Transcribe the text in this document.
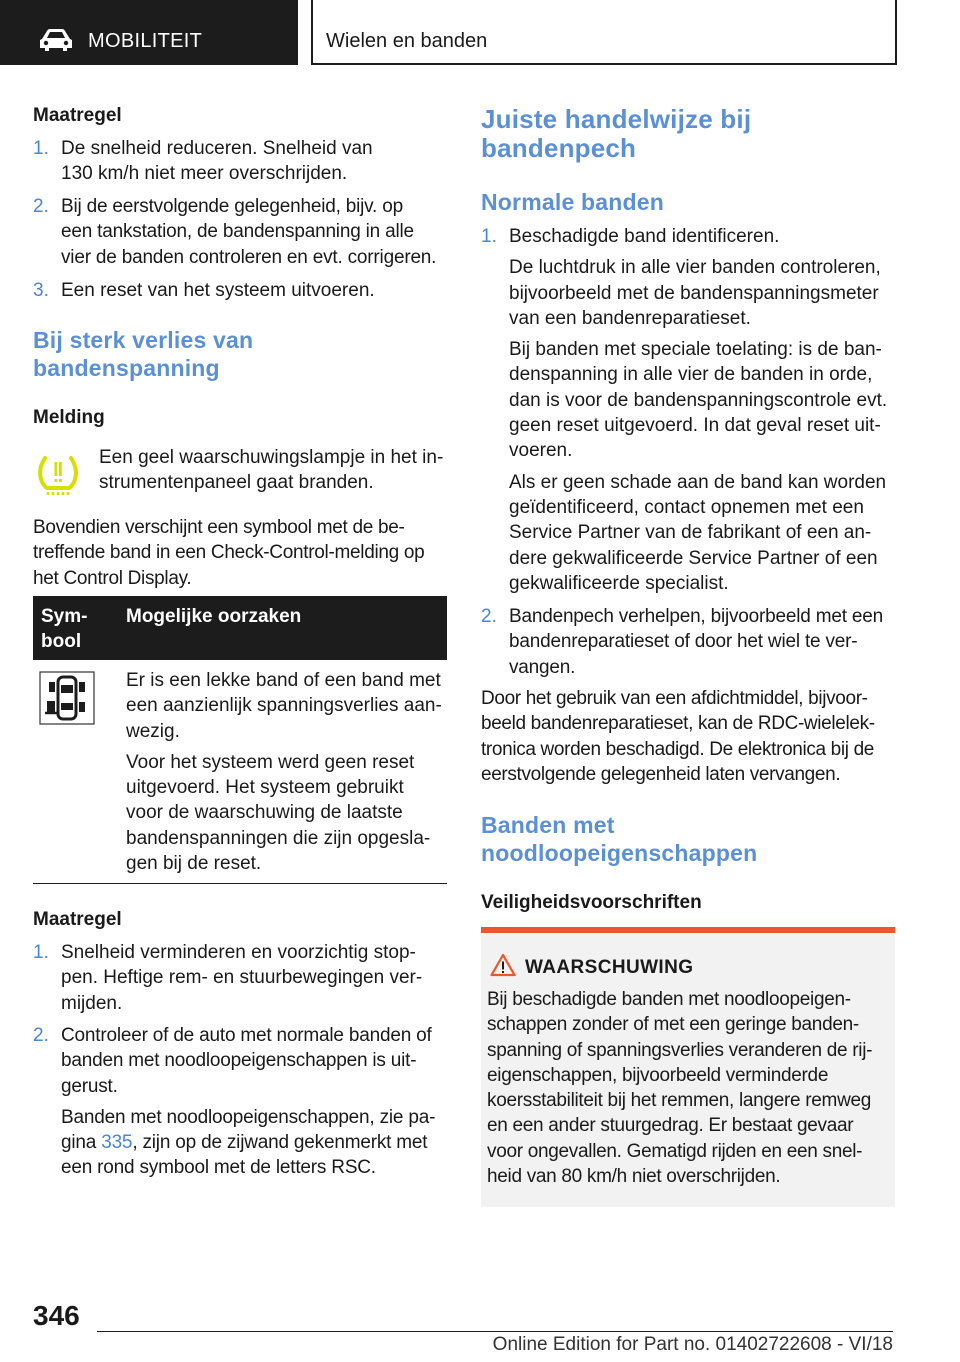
MOBILITEIT	Wielen en banden
Maatregel
1. De snelheid reduceren. Snelheid van
130 km/h niet meer overschrijden.
2. Bij de eerstvolgende gelegenheid, bijv. op
een tankstation, de bandenspanning in alle
vier de banden controleren en evt. corrigeren.
3. Een reset van het systeem uitvoeren.
Bij sterk verlies van
bandenspanning
Melding
Een geel waarschuwingslampje in het in-
strumentenpaneel gaat branden.
Bovendien verschijnt een symbool met de be-
treffende band in een Check-Control-melding op
het Control Display.
Sym-
bool
Mogelijke oorzaken
Er is een lekke band of een band met
een aanzienlijk spanningsverlies aan-
wezig.
Voor het systeem werd geen reset
uitgevoerd. Het systeem gebruikt
voor de waarschuwing de laatste
bandenspanningen die zijn opgesla-
gen bij de reset.
Maatregel
1. Snelheid verminderen en voorzichtig stop-
pen. Heftige rem- en stuurbewegingen ver-
mijden.
2. Controleer of de auto met normale banden of
banden met noodloopeigenschappen is uit-
gerust.
Banden met noodloopeigenschappen, zie pa-
gina 335, zijn op de zijwand gekenmerkt met
een rond symbool met de letters RSC.
Juiste handelwijze bij
bandenpech
Normale banden
1. Beschadigde band identificeren.
De luchtdruk in alle vier banden controleren,
bijvoorbeeld met de bandenspanningsmeter
van een bandenreparatieset.
Bij banden met speciale toelating: is de ban-
denspanning in alle vier de banden in orde,
dan is voor de bandenspanningscontrole evt.
geen reset uitgevoerd. In dat geval reset uit-
voeren.
Als er geen schade aan de band kan worden
geïdentificeerd, contact opnemen met een
Service Partner van de fabrikant of een an-
dere gekwalificeerde Service Partner of een
gekwalificeerde specialist.
2. Bandenpech verhelpen, bijvoorbeeld met een
bandenreparatieset of door het wiel te ver-
vangen.
Door het gebruik van een afdichtmiddel, bijvoor-
beeld bandenreparatieset, kan de RDC-wielelek-
tronica worden beschadigd. De elektronica bij de
eerstvolgende gelegenheid laten vervangen.
Banden met
noodloopeigenschappen
Veiligheidsvoorschriften
WAARSCHUWING
Bij beschadigde banden met noodloopeigen-
schappen zonder of met een geringe banden-
spanning of spanningsverlies veranderen de rij-
eigenschappen, bijvoorbeeld verminderde
koersstabiliteit bij het remmen, langere remweg
en een ander stuurgedrag. Er bestaat gevaar
voor ongevallen. Gematigd rijden en een snel-
heid van 80 km/h niet overschrijden.
346
Online Edition for Part no. 01402722608 - VI/18
